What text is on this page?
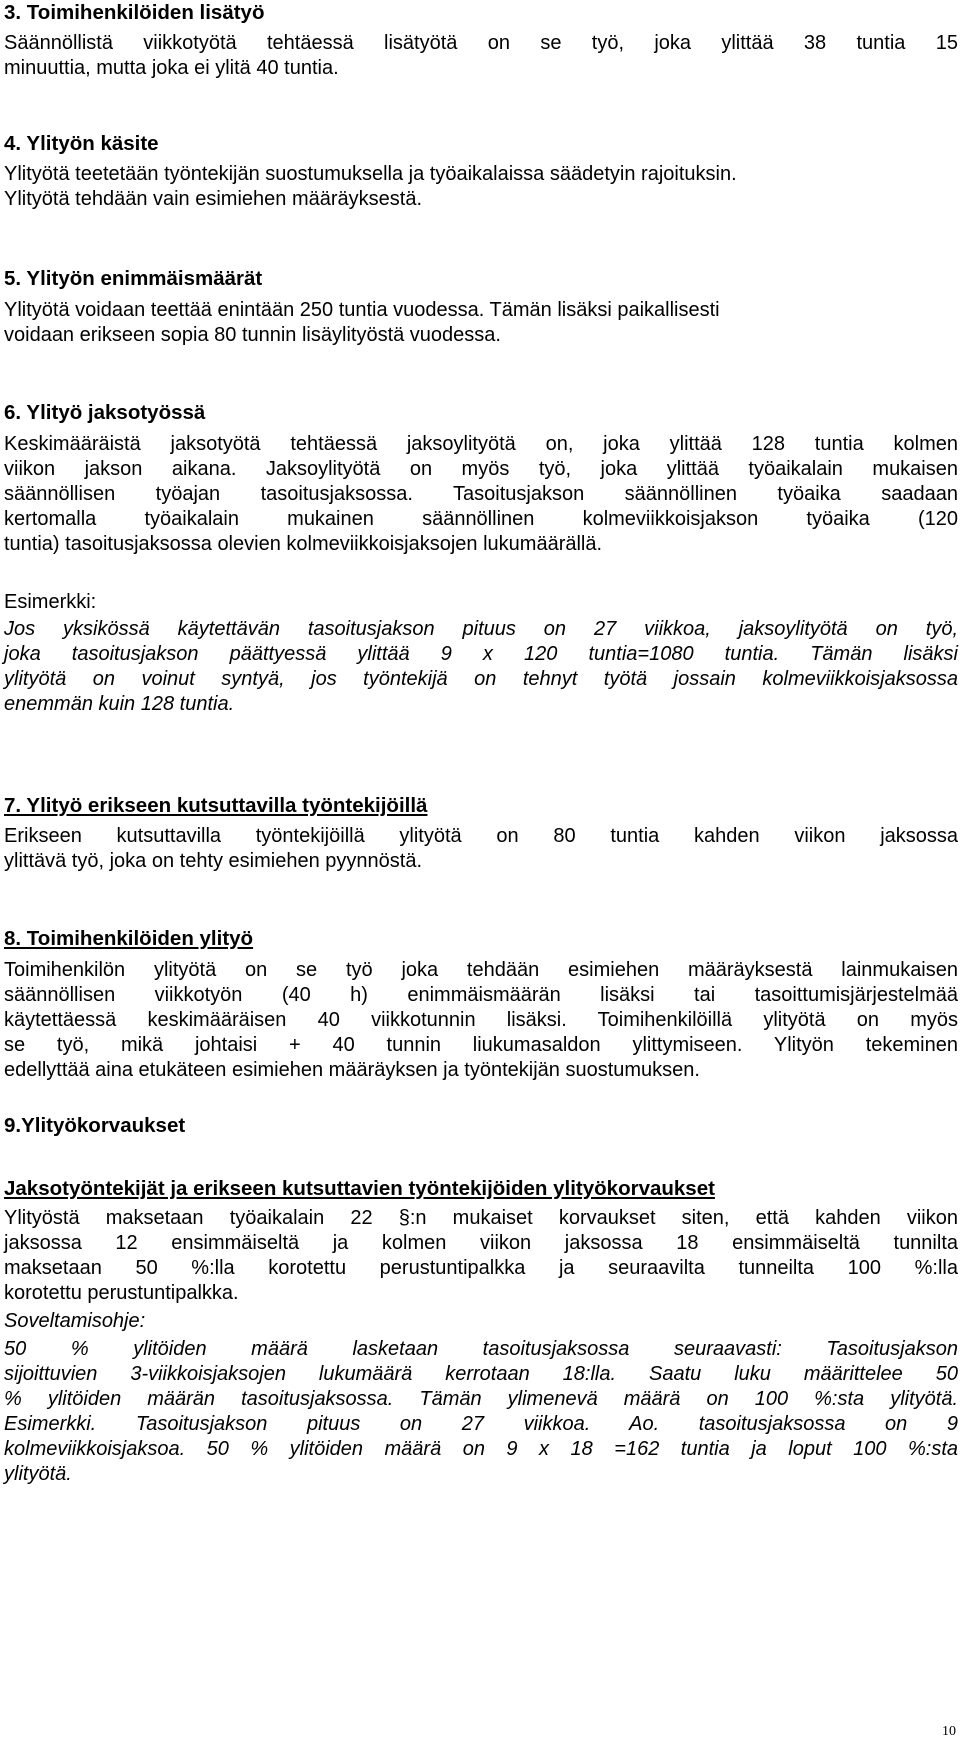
3. Toimihenkilöiden lisätyö
Säännöllistä viikkotyötä tehtäessä lisätyötä on se työ, joka ylittää 38 tuntia 15
minuuttia, mutta joka ei ylitä 40 tuntia.
4. Ylityön käsite
Ylityötä teetetään työntekijän suostumuksella ja työaikalaissa säädetyin rajoituksin.
Ylityötä tehdään vain esimiehen määräyksestä.
5. Ylityön enimmäismäärät
Ylityötä voidaan teettää enintään 250 tuntia vuodessa. Tämän lisäksi paikallisesti
voidaan erikseen sopia 80 tunnin lisäylityöstä vuodessa.
6. Ylityö jaksotyössä
Keskimääräistä jaksotyötä tehtäessä jaksoylityötä on, joka ylittää 128 tuntia kolmen
viikon jakson aikana. Jaksoylityötä on myös työ, joka ylittää työaikalain mukaisen
säännöllisen työajan tasoitusjaksossa. Tasoitusjakson säännöllinen työaika saadaan
kertomalla työaikalain mukainen säännöllinen kolmeviikkoisjakson työaika (120
tuntia) tasoitusjaksossa olevien kolmeviikkoisjaksojen lukumäärällä.
Esimerkki:
Jos yksikössä käytettävän tasoitusjakson pituus on 27 viikkoa, jaksoylityötä on työ,
joka tasoitusjakson päättyessä ylittää 9 x 120 tuntia=1080 tuntia. Tämän lisäksi
ylityötä on voinut syntyä, jos työntekijä on tehnyt työtä jossain kolmeviikkoisjaksossa
enemmän kuin 128 tuntia.
7. Ylityö erikseen kutsuttavilla työntekijöillä
Erikseen kutsuttavilla työntekijöillä ylityötä on 80 tuntia kahden viikon jaksossa
ylittävä työ, joka on tehty esimiehen pyynnöstä.
8. Toimihenkilöiden ylityö
Toimihenkilön ylityötä on se työ joka tehdään esimiehen määräyksestä lainmukaisen
säännöllisen viikkotyön (40 h) enimmäismäärän lisäksi tai tasoittumisjärjestelmää
käytettäessä keskimääräisen 40 viikkotunnin lisäksi. Toimihenkilöillä ylityötä on myös
se työ, mikä johtaisi + 40 tunnin liukumasaldon ylittymiseen. Ylityön tekeminen
edellyttää aina etukäteen esimiehen määräyksen ja työntekijän suostumuksen.
9.Ylityökorvaukset
Jaksotyöntekijät ja erikseen kutsuttavien työntekijöiden ylityökorvaukset
Ylityöstä maksetaan työaikalain 22 §:n mukaiset korvaukset siten, että kahden viikon
jaksossa 12 ensimmäiseltä ja kolmen viikon jaksossa 18 ensimmäiseltä tunnilta
maksetaan 50 %:lla korotettu perustuntipalkka ja seuraavilta tunneilta 100 %:lla
korotettu perustuntipalkka.
Soveltamisohje:
50 % ylitöiden määrä lasketaan tasoitusjaksossa seuraavasti: Tasoitusjakson
sijoittuvien 3-viikkoisjaksojen lukumäärä kerrotaan 18:lla. Saatu luku määrittelee 50
% ylitöiden määrän tasoitusjaksossa. Tämän ylimenevä määrä on 100 %:sta ylityötä.
Esimerkki. Tasoitusjakson pituus on 27 viikkoa. Ao. tasoitusjaksossa on 9
kolmeviikkoisjaksoa. 50 % ylitöiden määrä on 9 x 18 =162 tuntia ja loput 100 %:sta
ylityötä.
10
